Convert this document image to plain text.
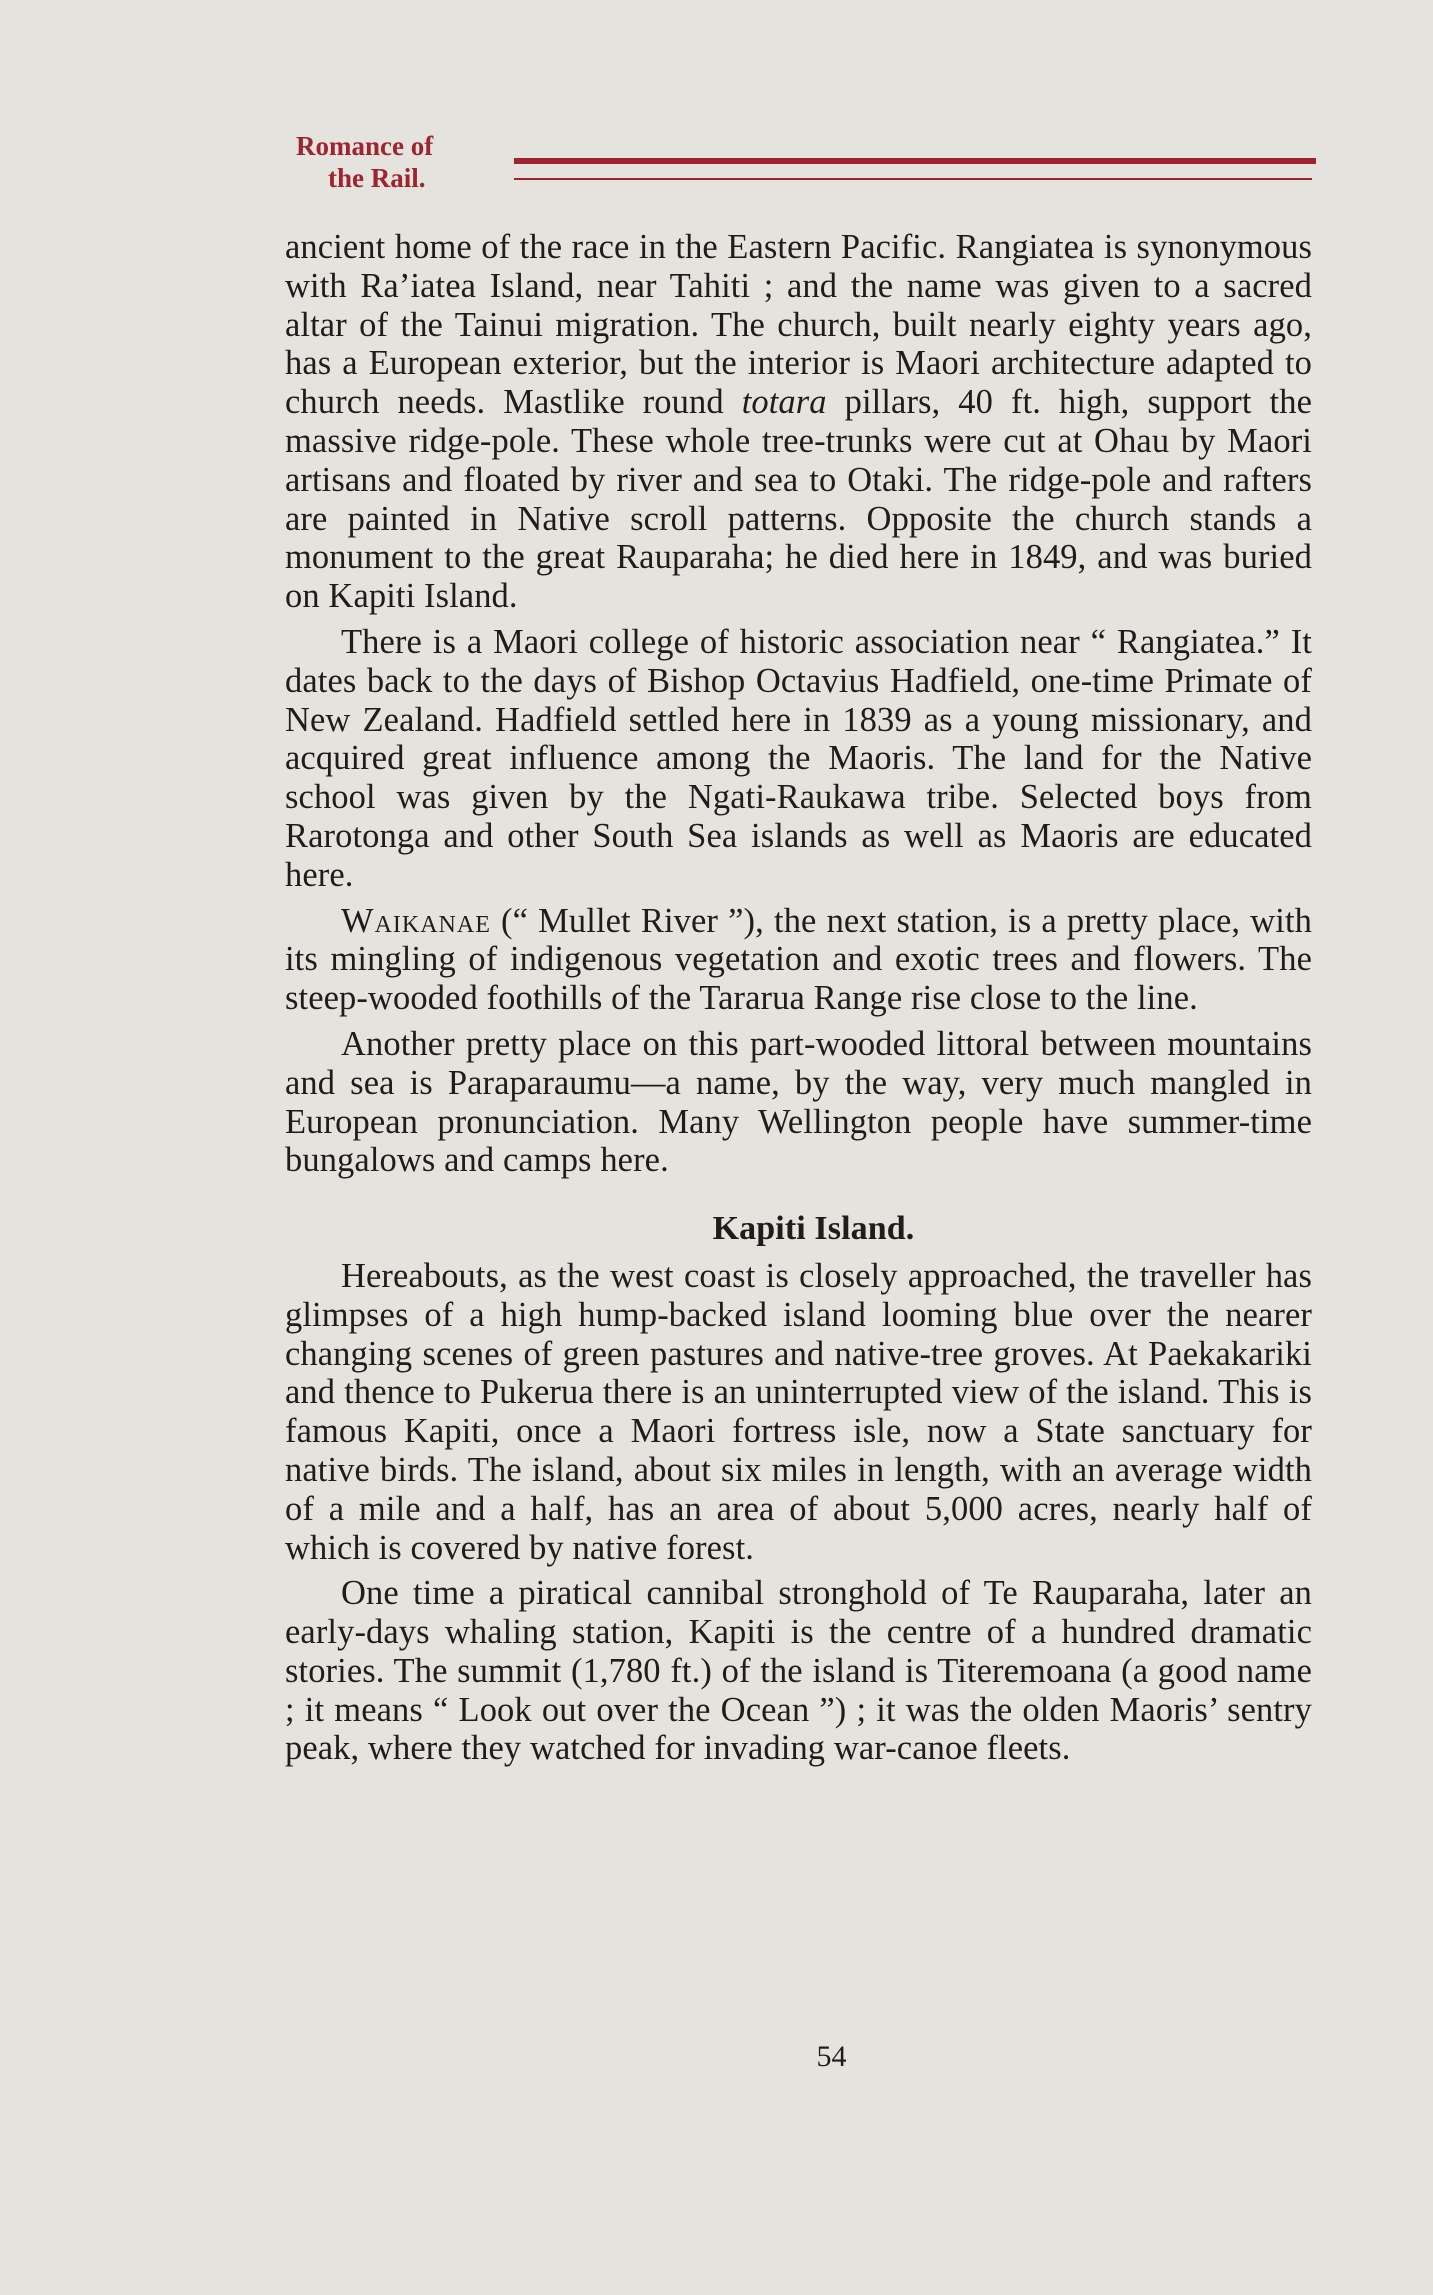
Romance of
the Rail.

ancient home of the race in the Eastern Pacific. Rangiatea is synonymous with Ra’iatea Island, near Tahiti ; and the name was given to a sacred altar of the Tainui migration. The church, built nearly eighty years ago, has a European exterior, but the interior is Maori architecture adapted to church needs. Mastlike round totara pillars, 40 ft. high, support the massive ridge-pole. These whole tree-trunks were cut at Ohau by Maori artisans and floated by river and sea to Otaki. The ridge-pole and rafters are painted in Native scroll patterns. Opposite the church stands a monument to the great Rauparaha; he died here in 1849, and was buried on Kapiti Island.

There is a Maori college of historic association near “ Rangiatea.” It dates back to the days of Bishop Octavius Hadfield, one-time Primate of New Zealand. Hadfield settled here in 1839 as a young missionary, and acquired great influence among the Maoris. The land for the Native school was given by the Ngati-Raukawa tribe. Selected boys from Rarotonga and other South Sea islands as well as Maoris are educated here.

Waikanae (“ Mullet River ”), the next station, is a pretty place, with its mingling of indigenous vegetation and exotic trees and flowers. The steep-wooded foothills of the Tararua Range rise close to the line.

Another pretty place on this part-wooded littoral between mountains and sea is Paraparaumu—a name, by the way, very much mangled in European pronunciation. Many Wellington people have summer-time bungalows and camps here.

Kapiti Island.

Hereabouts, as the west coast is closely approached, the traveller has glimpses of a high hump-backed island looming blue over the nearer changing scenes of green pastures and native-tree groves. At Paekakariki and thence to Pukerua there is an uninterrupted view of the island. This is famous Kapiti, once a Maori fortress isle, now a State sanctuary for native birds. The island, about six miles in length, with an average width of a mile and a half, has an area of about 5,000 acres, nearly half of which is covered by native forest.

One time a piratical cannibal stronghold of Te Rauparaha, later an early-days whaling station, Kapiti is the centre of a hundred dramatic stories. The summit (1,780 ft.) of the island is Titeremoana (a good name ; it means “ Look out over the Ocean ”) ; it was the olden Maoris’ sentry peak, where they watched for invading war-canoe fleets.

54
